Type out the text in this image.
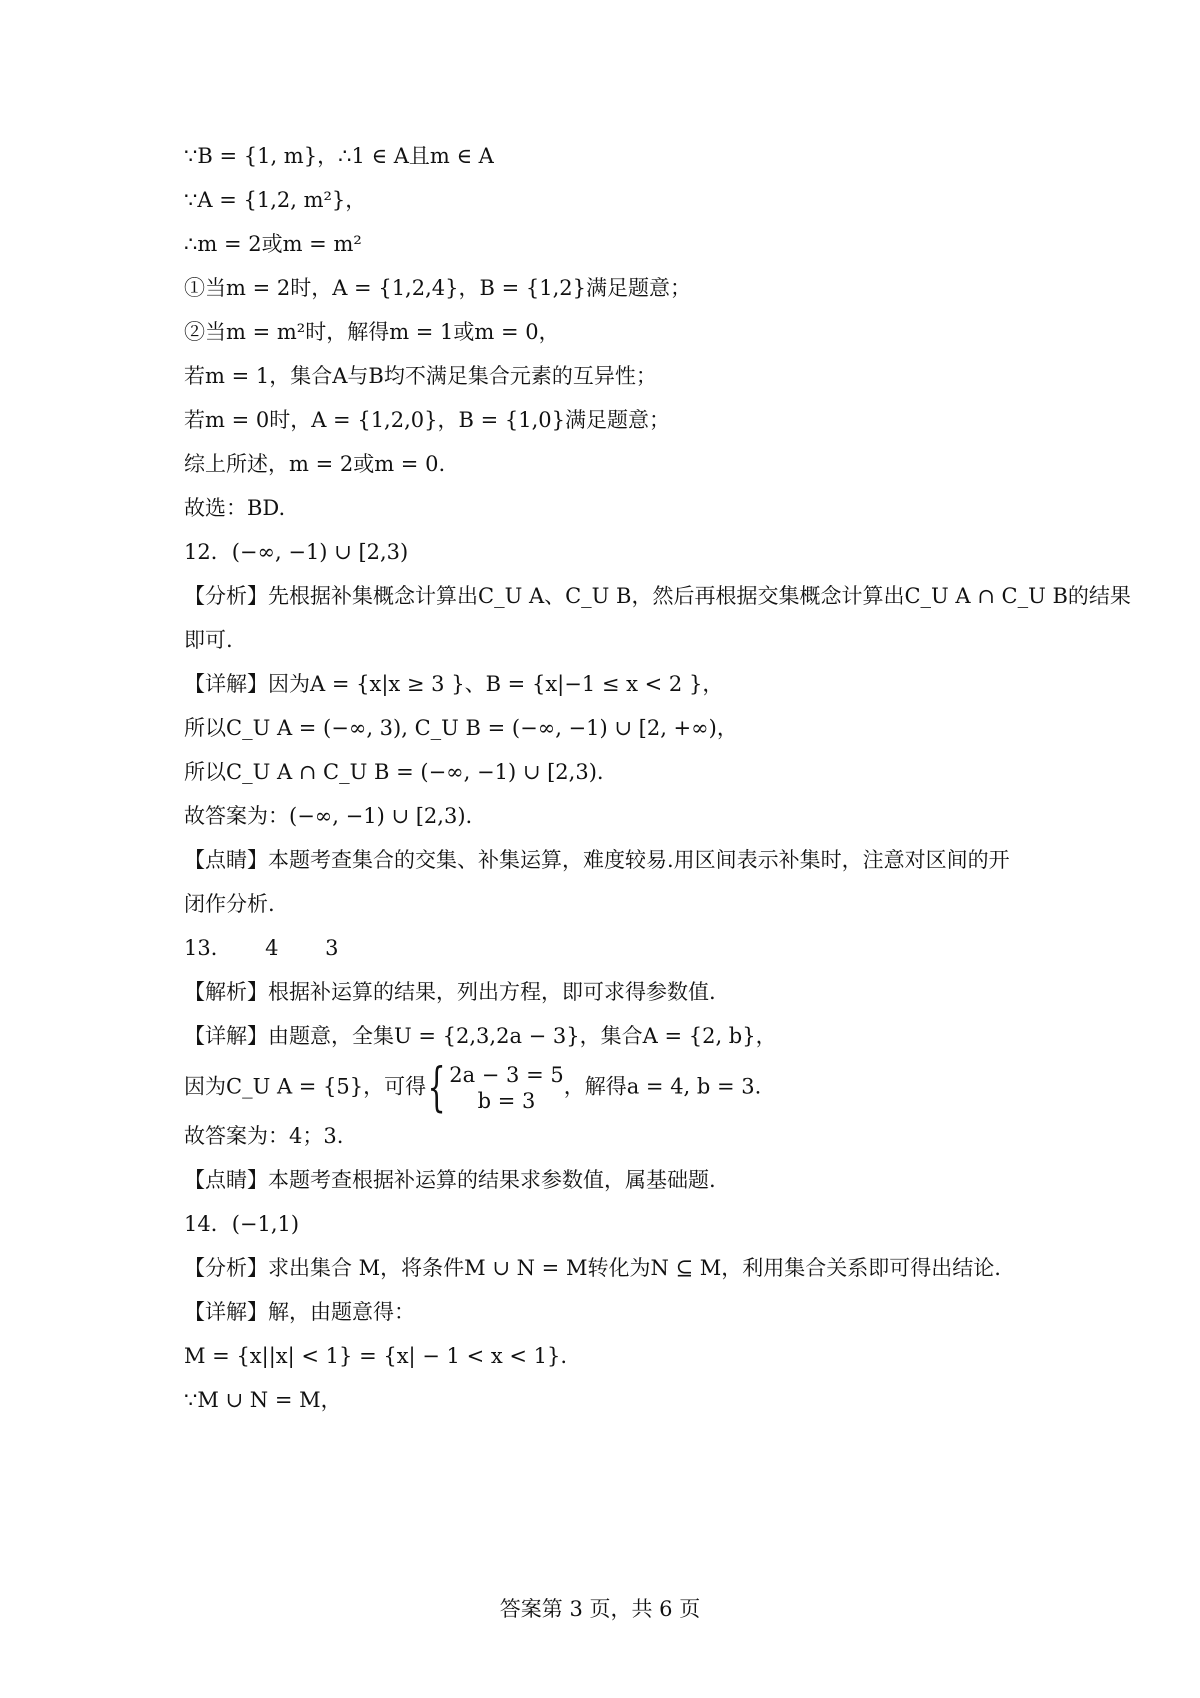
∵B = {1, m}，∴1 ∈ A且m ∈ A
∵A = {1,2, m²}，
∴m = 2或m = m²
①当m = 2时，A = {1,2,4}，B = {1,2}满足题意；
②当m = m²时，解得m = 1或m = 0，
若m = 1，集合A与B均不满足集合元素的互异性；
若m = 0时，A = {1,2,0}，B = {1,0}满足题意；
综上所述，m = 2或m = 0.
故选：BD.
12．(−∞, −1) ∪ [2,3)
【分析】先根据补集概念计算出C_U A、C_U B，然后再根据交集概念计算出C_U A ∩ C_U B的结果
即可.
【详解】因为A = {x|x ≥ 3 }、B = {x|−1 ≤ x < 2 }，
所以C_U A = (−∞, 3), C_U B = (−∞, −1) ∪ [2, +∞)，
所以C_U A ∩ C_U B = (−∞, −1) ∪ [2,3).
故答案为：(−∞, −1) ∪ [2,3).
【点睛】本题考查集合的交集、补集运算，难度较易.用区间表示补集时，注意对区间的开
闭作分析.
13．     4       3
【解析】根据补运算的结果，列出方程，即可求得参数值.
【详解】由题意，全集U = {2,3,2a − 3}，集合A = {2, b}，
因为C_U A = {5}，可得{ 2a − 3 = 5
b = 3
，解得a = 4, b = 3.
故答案为：4；3.
【点睛】本题考查根据补运算的结果求参数值，属基础题.
14．(−1,1)
【分析】求出集合 M，将条件M ∪ N = M转化为N ⊆ M，利用集合关系即可得出结论.
【详解】解，由题意得：
M = {x||x| < 1} = {x| − 1 < x < 1}.
∵M ∪ N = M，
答案第 3 页，共 6 页
